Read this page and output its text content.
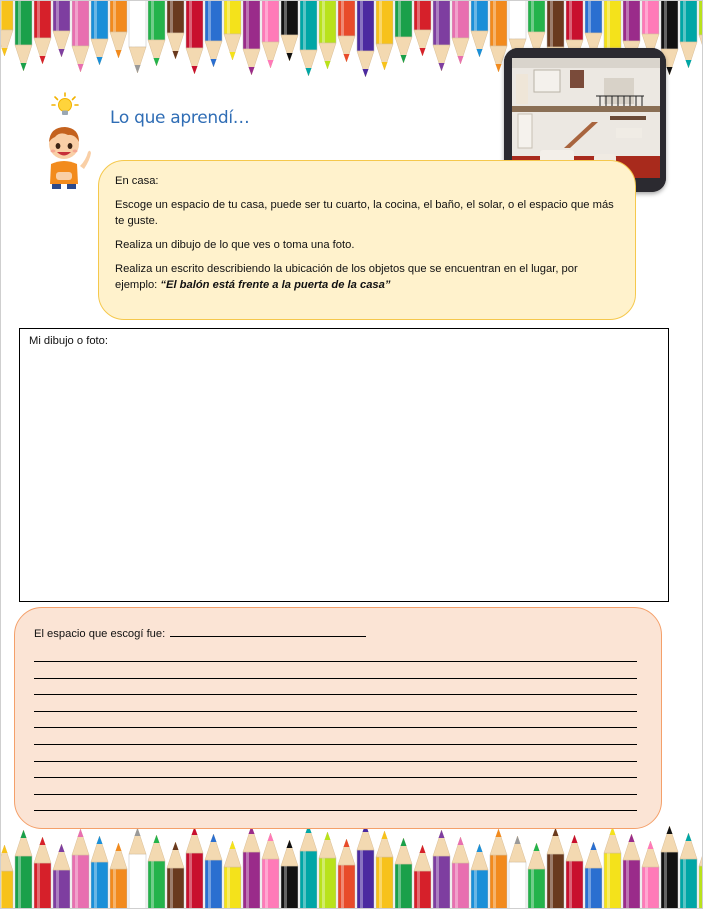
Lo que aprendí…

En casa:

Escoge un espacio de tu casa, puede ser tu cuarto, la cocina, el baño, el solar, o el espacio que más te guste.

Realiza un dibujo de lo que ves o toma una foto.

Realiza un escrito describiendo la ubicación de los objetos que se encuentran en el lugar, por ejemplo: “El balón está frente a la puerta de la casa”

Mi dibujo o foto:
El espacio que escogí fue:
